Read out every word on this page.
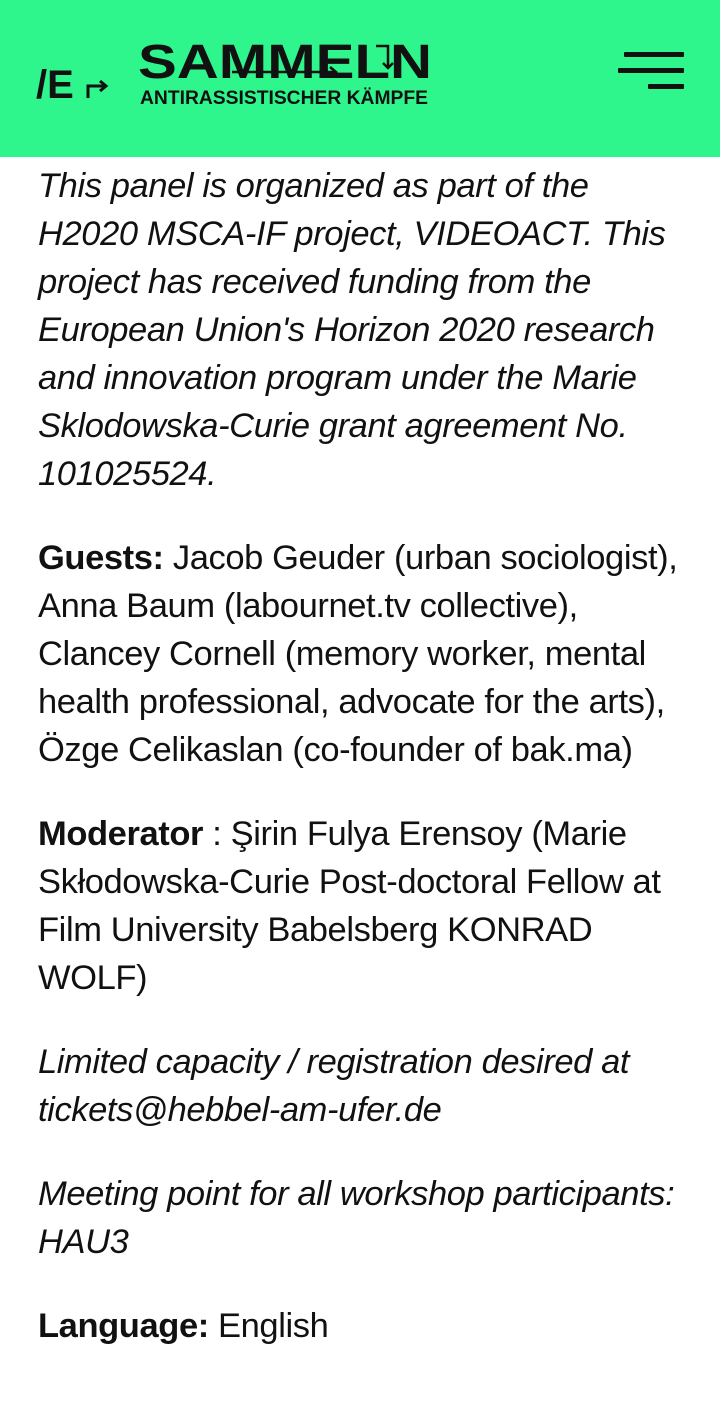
/E SAMMELN
ANTIRASSISTISCHER KÄMPFE

This panel is organized as part of the H2020 MSCA-IF project, VIDEOACT. This project has received funding from the European Union's Horizon 2020 research and innovation program under the Marie Sklodowska-Curie grant agreement No. 101025524.

Guests: Jacob Geuder (urban sociologist), Anna Baum (labournet.tv collective), Clancey Cornell (memory worker, mental health professional, advocate for the arts), Özge Celikaslan (co-founder of bak.ma)

Moderator : Şirin Fulya Erensoy (Marie Skłodowska-Curie Post-doctoral Fellow at Film University Babelsberg KONRAD WOLF)

Limited capacity / registration desired at tickets@hebbel-am-ufer.de

Meeting point for all workshop participants: HAU3

Language: English
